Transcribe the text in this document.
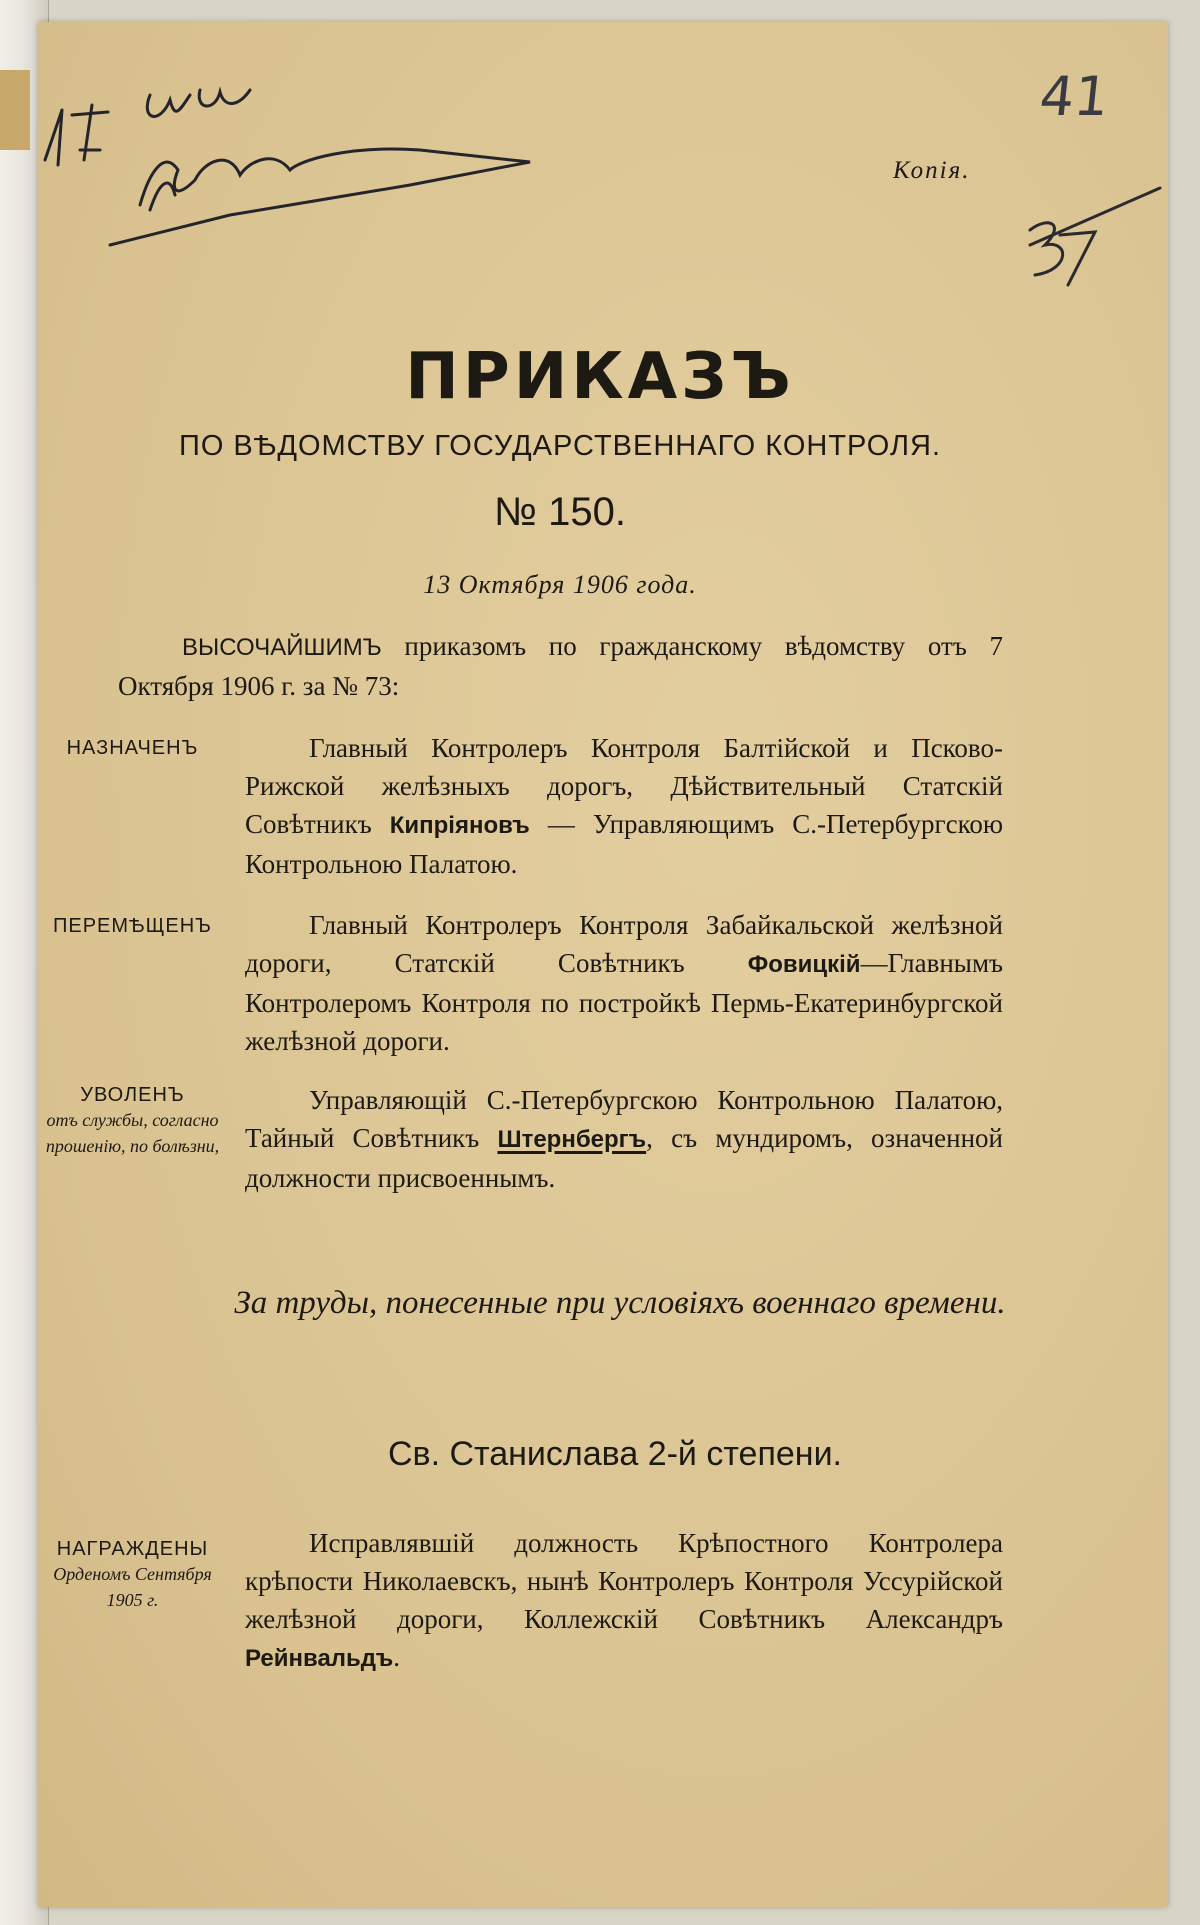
41
Копія.
ПРИКАЗЪ
ПО ВѢДОМСТВУ ГОСУДАРСТВЕННАГО КОНТРОЛЯ.
№ 150.
13 Октября 1906 года.
ВЫСОЧАЙШИМЪ приказомъ по гражданскому вѣдомству отъ 7 Октября 1906 г. за № 73:
НАЗНАЧЕНЪ	Главный Контролеръ Контроля Балтійской и Псково-Рижской желѣзныхъ дорогъ, Дѣйствительный Статскій Совѣтникъ Кипріяновъ — Управляющимъ С.-Петербургскою Контрольною Палатою.
ПЕРЕМѢЩЕНЪ	Главный Контролеръ Контроля Забайкальской желѣзной дороги, Статскій Совѣтникъ Фовицкій—Главнымъ Контролеромъ Контроля по постройкѣ Пермь-Екатеринбургской желѣзной дороги.
УВОЛЕНЪ
отъ службы, согласно прошенію, по болѣзни,
Управляющій С.-Петербургскою Контрольною Палатою, Тайный Совѣтникъ Штернбергъ, съ мундиромъ, означенной должности присвоеннымъ.
За труды, понесенные при условіяхъ военнаго времени.
Св. Станислава 2-й степени.
НАГРАЖДЕНЫ
Орденомъ Сентября 1905 г.
Исправлявшій должность Крѣпостного Контролера крѣпости Николаевскъ, нынѣ Контролеръ Контроля Уссурійской желѣзной дороги, Коллежскій Совѣтникъ Александръ Рейнвальдъ.
